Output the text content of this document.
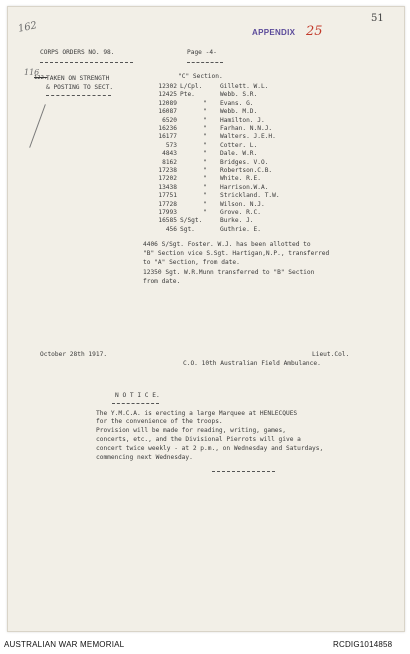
162	APPENDIX 25
51
CORPS ORDERS NO. 98.	Page -4-
116
122.
TAKEN ON STRENGTH
& POSTING TO SECT.
"C" Section.
12302 L/Cpl.	Gillett. W.L.
12425 Pte.	Webb. S.R.
12089	" Evans. G.
16087	" Webb. M.D.
6520	" Hamilton. J.
16236	" Farhan. N.N.J.
16177	" Walters. J.E.H.
573	" Cotter. L.
4843	" Dale. W.R.
8162	" Bridges. V.O.
17238	" Robertson.C.B.
17202	" White. R.E.
13438	" Harrison.W.A.
17751	" Strickland. T.W.
17728	" Wilson. N.J.
17993	" Grove. R.C.
16585 S/Sgt.	Burke. J.
456 Sgt.	Guthrie. E.
4406 S/Sgt. Foster. W.J. has been allotted to
"B" Section vice S.Sgt. Hartigan,N.P., transferred
to "A" Section, from date.
12350 Sgt. W.R.Munn transferred to "B" Section
from date.
October 28th 1917.	Lieut.Col.
C.O. 10th Australian Field Ambulance.
N O T I C E.
The Y.M.C.A. is erecting a large Marquee at HENLECQUES
for the convenience of the troops.
Provision will be made for reading, writing, games,
concerts, etc., and the Divisional Pierrots will give a
concert twice weekly - at 2 p.m., on Wednesday and Saturdays,
commencing next Wednesday.
AUSTRALIAN WAR MEMORIAL	RCDIG1014858
